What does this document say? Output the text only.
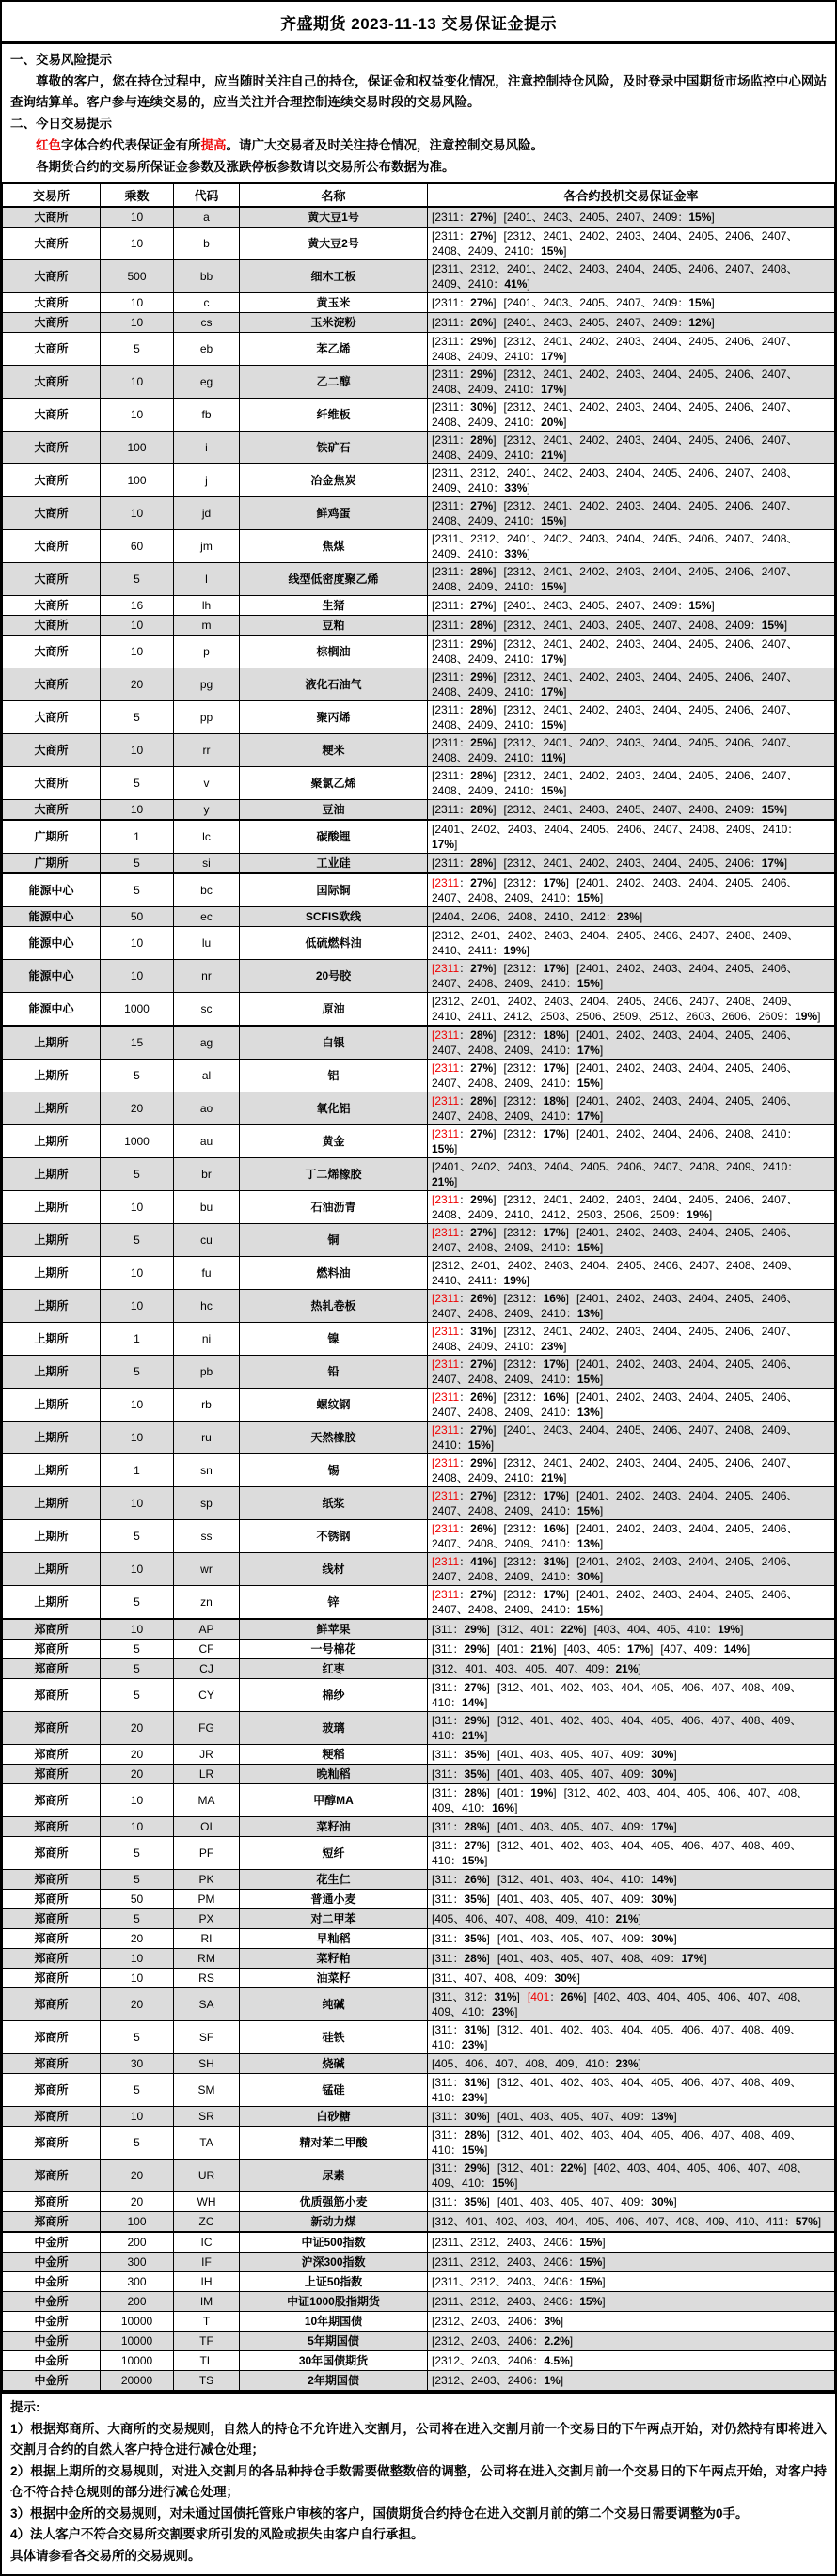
齐盛期货 2023-11-13 交易保证金提示
一、交易风险提示
尊敬的客户，您在持仓过程中，应当随时关注自己的持仓，保证金和权益变化情况，注意控制持仓风险，及时登录中国期货市场监控中心网站查询结算单。客户参与连续交易的，应当关注并合理控制连续交易时段的交易风险。
二、今日交易提示
红色字体合约代表保证金有所提高。请广大交易者及时关注持仓情况，注意控制交易风险。
各期货合约的交易所保证金参数及涨跌停板参数请以交易所公布数据为准。
交易所	乘数	代码	名称	各合约投机交易保证金率
大商所	10	a	黄大豆1号	[2311：27%] [2401、2403、2405、2407、2409：15%]
大商所	10	b	黄大豆2号	[2311：27%] [2312、2401、2402、2403、2404、2405、2406、2407、2408、2409、2410：15%]
大商所	500	bb	细木工板	[2311、2312、2401、2402、2403、2404、2405、2406、2407、2408、2409、2410：41%]
大商所	10	c	黄玉米	[2311：27%] [2401、2403、2405、2407、2409：15%]
大商所	10	cs	玉米淀粉	[2311：26%] [2401、2403、2405、2407、2409：12%]
大商所	5	eb	苯乙烯	[2311：29%] [2312、2401、2402、2403、2404、2405、2406、2407、2408、2409、2410：17%]
大商所	10	eg	乙二醇	[2311：29%] [2312、2401、2402、2403、2404、2405、2406、2407、2408、2409、2410：17%]
大商所	10	fb	纤维板	[2311：30%] [2312、2401、2402、2403、2404、2405、2406、2407、2408、2409、2410：20%]
大商所	100	i	铁矿石	[2311：28%] [2312、2401、2402、2403、2404、2405、2406、2407、2408、2409、2410：21%]
大商所	100	j	冶金焦炭	[2311、2312、2401、2402、2403、2404、2405、2406、2407、2408、2409、2410：33%]
大商所	10	jd	鲜鸡蛋	[2311：27%] [2312、2401、2402、2403、2404、2405、2406、2407、2408、2409、2410：15%]
大商所	60	jm	焦煤	[2311、2312、2401、2402、2403、2404、2405、2406、2407、2408、2409、2410：33%]
大商所	5	l	线型低密度聚乙烯	[2311：28%] [2312、2401、2402、2403、2404、2405、2406、2407、2408、2409、2410：15%]
大商所	16	lh	生猪	[2311：27%] [2401、2403、2405、2407、2409：15%]
大商所	10	m	豆粕	[2311：28%] [2312、2401、2403、2405、2407、2408、2409：15%]
大商所	10	p	棕榈油	[2311：29%] [2312、2401、2402、2403、2404、2405、2406、2407、2408、2409、2410：17%]
大商所	20	pg	液化石油气	[2311：29%] [2312、2401、2402、2403、2404、2405、2406、2407、2408、2409、2410：17%]
大商所	5	pp	聚丙烯	[2311：28%] [2312、2401、2402、2403、2404、2405、2406、2407、2408、2409、2410：15%]
大商所	10	rr	粳米	[2311：25%] [2312、2401、2402、2403、2404、2405、2406、2407、2408、2409、2410：11%]
大商所	5	v	聚氯乙烯	[2311：28%] [2312、2401、2402、2403、2404、2405、2406、2407、2408、2409、2410：15%]
大商所	10	y	豆油	[2311：28%] [2312、2401、2403、2405、2407、2408、2409：15%]
广期所	1	lc	碳酸锂	[2401、2402、2403、2404、2405、2406、2407、2408、2409、2410：17%]
广期所	5	si	工业硅	[2311：28%] [2312、2401、2402、2403、2404、2405、2406：17%]
能源中心	5	bc	国际铜	[2311：27%] [2312：17%] [2401、2402、2403、2404、2405、2406、2407、2408、2409、2410：15%]
能源中心	50	ec	SCFIS欧线	[2404、2406、2408、2410、2412：23%]
能源中心	10	lu	低硫燃料油	[2312、2401、2402、2403、2404、2405、2406、2407、2408、2409、2410、2411：19%]
能源中心	10	nr	20号胶	[2311：27%] [2312：17%] [2401、2402、2403、2404、2405、2406、2407、2408、2409、2410：15%]
能源中心	1000	sc	原油	[2312、2401、2402、2403、2404、2405、2406、2407、2408、2409、2410、2411、2412、2503、2506、2509、2512、2603、2606、2609：19%]
上期所	15	ag	白银	[2311：28%] [2312：18%] [2401、2402、2403、2404、2405、2406、2407、2408、2409、2410：17%]
上期所	5	al	铝	[2311：27%] [2312：17%] [2401、2402、2403、2404、2405、2406、2407、2408、2409、2410：15%]
上期所	20	ao	氧化铝	[2311：28%] [2312：18%] [2401、2402、2403、2404、2405、2406、2407、2408、2409、2410：17%]
上期所	1000	au	黄金	[2311：27%] [2312：17%] [2401、2402、2404、2406、2408、2410：15%]
上期所	5	br	丁二烯橡胶	[2401、2402、2403、2404、2405、2406、2407、2408、2409、2410：21%]
上期所	10	bu	石油沥青	[2311：29%] [2312、2401、2402、2403、2404、2405、2406、2407、2408、2409、2410、2412、2503、2506、2509：19%]
上期所	5	cu	铜	[2311：27%] [2312：17%] [2401、2402、2403、2404、2405、2406、2407、2408、2409、2410：15%]
上期所	10	fu	燃料油	[2312、2401、2402、2403、2404、2405、2406、2407、2408、2409、2410、2411：19%]
上期所	10	hc	热轧卷板	[2311：26%] [2312：16%] [2401、2402、2403、2404、2405、2406、2407、2408、2409、2410：13%]
上期所	1	ni	镍	[2311：31%] [2312、2401、2402、2403、2404、2405、2406、2407、2408、2409、2410：23%]
上期所	5	pb	铅	[2311：27%] [2312：17%] [2401、2402、2403、2404、2405、2406、2407、2408、2409、2410：15%]
上期所	10	rb	螺纹钢	[2311：26%] [2312：16%] [2401、2402、2403、2404、2405、2406、2407、2408、2409、2410：13%]
上期所	10	ru	天然橡胶	[2311：27%] [2401、2403、2404、2405、2406、2407、2408、2409、2410：15%]
上期所	1	sn	锡	[2311：29%] [2312、2401、2402、2403、2404、2405、2406、2407、2408、2409、2410：21%]
上期所	10	sp	纸浆	[2311：27%] [2312：17%] [2401、2402、2403、2404、2405、2406、2407、2408、2409、2410：15%]
上期所	5	ss	不锈钢	[2311：26%] [2312：16%] [2401、2402、2403、2404、2405、2406、2407、2408、2409、2410：13%]
上期所	10	wr	线材	[2311：41%] [2312：31%] [2401、2402、2403、2404、2405、2406、2407、2408、2409、2410：30%]
上期所	5	zn	锌	[2311：27%] [2312：17%] [2401、2402、2403、2404、2405、2406、2407、2408、2409、2410：15%]
郑商所	10	AP	鲜苹果	[311：29%] [312、401：22%] [403、404、405、410：19%]
郑商所	5	CF	一号棉花	[311：29%] [401：21%] [403、405：17%] [407、409：14%]
郑商所	5	CJ	红枣	[312、401、403、405、407、409：21%]
郑商所	5	CY	棉纱	[311：27%] [312、401、402、403、404、405、406、407、408、409、410：14%]
郑商所	20	FG	玻璃	[311：29%] [312、401、402、403、404、405、406、407、408、409、410：21%]
郑商所	20	JR	粳稻	[311：35%] [401、403、405、407、409：30%]
郑商所	20	LR	晚籼稻	[311：35%] [401、403、405、407、409：30%]
郑商所	10	MA	甲醇MA	[311：28%] [401：19%] [312、402、403、404、405、406、407、408、409、410：16%]
郑商所	10	OI	菜籽油	[311：28%] [401、403、405、407、409：17%]
郑商所	5	PF	短纤	[311：27%] [312、401、402、403、404、405、406、407、408、409、410：15%]
郑商所	5	PK	花生仁	[311：26%] [312、401、403、404、410：14%]
郑商所	50	PM	普通小麦	[311：35%] [401、403、405、407、409：30%]
郑商所	5	PX	对二甲苯	[405、406、407、408、409、410：21%]
郑商所	20	RI	早籼稻	[311：35%] [401、403、405、407、409：30%]
郑商所	10	RM	菜籽粕	[311：28%] [401、403、405、407、408、409：17%]
郑商所	10	RS	油菜籽	[311、407、408、409：30%]
郑商所	20	SA	纯碱	[311、312：31%] [401：26%] [402、403、404、405、406、407、408、409、410：23%]
郑商所	5	SF	硅铁	[311：31%] [312、401、402、403、404、405、406、407、408、409、410：23%]
郑商所	30	SH	烧碱	[405、406、407、408、409、410：23%]
郑商所	5	SM	锰硅	[311：31%] [312、401、402、403、404、405、406、407、408、409、410：23%]
郑商所	10	SR	白砂糖	[311：30%] [401、403、405、407、409：13%]
郑商所	5	TA	精对苯二甲酸	[311：28%] [312、401、402、403、404、405、406、407、408、409、410：15%]
郑商所	20	UR	尿素	[311：29%] [312、401：22%] [402、403、404、405、406、407、408、409、410：15%]
郑商所	20	WH	优质强筋小麦	[311：35%] [401、403、405、407、409：30%]
郑商所	100	ZC	新动力煤	[312、401、402、403、404、405、406、407、408、409、410、411：57%]
中金所	200	IC	中证500指数	[2311、2312、2403、2406：15%]
中金所	300	IF	沪深300指数	[2311、2312、2403、2406：15%]
中金所	300	IH	上证50指数	[2311、2312、2403、2406：15%]
中金所	200	IM	中证1000股指期货	[2311、2312、2403、2406：15%]
中金所	10000	T	10年期国债	[2312、2403、2406：3%]
中金所	10000	TF	5年期国债	[2312、2403、2406：2.2%]
中金所	10000	TL	30年国债期货	[2312、2403、2406：4.5%]
中金所	20000	TS	2年期国债	[2312、2403、2406：1%]
提示:
1）根据郑商所、大商所的交易规则，自然人的持仓不允许进入交割月，公司将在进入交割月前一个交易日的下午两点开始，对仍然持有即将进入交割月合约的自然人客户持仓进行减仓处理；
2）根据上期所的交易规则，对进入交割月的各品种持仓手数需要做整数倍的调整，公司将在进入交割月前一个交易日的下午两点开始，对客户持仓不符合持仓规则的部分进行减仓处理；
3）根据中金所的交易规则，对未通过国债托管账户审核的客户，国债期货合约持仓在进入交割月前的第二个交易日需要调整为0手。
4）法人客户不符合交易所交割要求所引发的风险或损失由客户自行承担。
具体请参看各交易所的交易规则。
